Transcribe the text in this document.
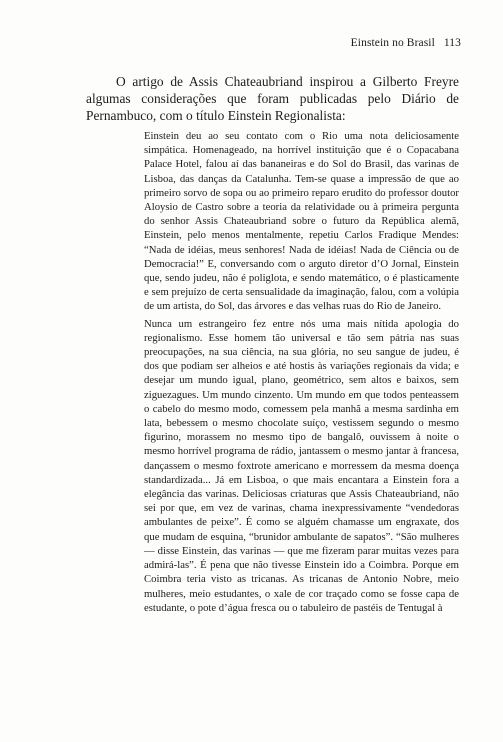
Einstein no Brasil 113

O artigo de Assis Chateaubriand inspirou a Gilberto Freyre algumas considerações que foram publicadas pelo Diário de Pernambuco, com o título Einstein Regionalista:

Einstein deu ao seu contato com o Rio uma nota deliciosamente simpática. Homenageado, na horrível instituição que é o Copacabana Palace Hotel, falou aí das bananeiras e do Sol do Brasil, das varinas de Lisboa, das danças da Catalunha. Tem-se quase a impressão de que ao primeiro sorvo de sopa ou ao primeiro reparo erudito do professor doutor Aloysio de Castro sobre a teoria da relatividade ou à primeira pergunta do senhor Assis Chateaubriand sobre o futuro da República alemã, Einstein, pelo menos mentalmente, repetiu Carlos Fradique Mendes: “Nada de idéias, meus senhores! Nada de idéias! Nada de Ciência ou de Democracia!” E, conversando com o arguto diretor d’O Jornal, Einstein que, sendo judeu, não é poliglota, e sendo matemático, o é plasticamente e sem prejuízo de certa sensualidade da imaginação, falou, com a volúpia de um artista, do Sol, das árvores e das velhas ruas do Rio de Janeiro.

Nunca um estrangeiro fez entre nós uma mais nítida apologia do regionalismo. Esse homem tão universal e tão sem pátria nas suas preocupações, na sua ciência, na sua glória, no seu sangue de judeu, é dos que podiam ser alheios e até hostis às variações regionais da vida; e desejar um mundo igual, plano, geométrico, sem altos e baixos, sem ziguezagues. Um mundo cinzento. Um mundo em que todos penteassem o cabelo do mesmo modo, comessem pela manhã a mesma sardinha em lata, bebessem o mesmo chocolate suíço, vestissem segundo o mesmo figurino, morassem no mesmo tipo de bangalô, ouvissem à noite o mesmo horrível programa de rádio, jantassem o mesmo jantar à francesa, dançassem o mesmo foxtrote americano e morressem da mesma doença standardizada... Já em Lisboa, o que mais encantara a Einstein fora a elegância das varinas. Deliciosas criaturas que Assis Chateaubriand, não sei por que, em vez de varinas, chama inexpressivamente “vendedoras ambulantes de peixe”. É como se alguém chamasse um engraxate, dos que mudam de esquina, “brunidor ambulante de sapatos”. “São mulheres — disse Einstein, das varinas — que me fizeram parar muitas vezes para admirá-las”. É pena que não tivesse Einstein ido a Coimbra. Porque em Coimbra teria visto as tricanas. As tricanas de Antonio Nobre, meio mulheres, meio estudantes, o xale de cor traçado como se fosse capa de estudante, o pote d’água fresca ou o tabuleiro de pastéis de Tentugal à
